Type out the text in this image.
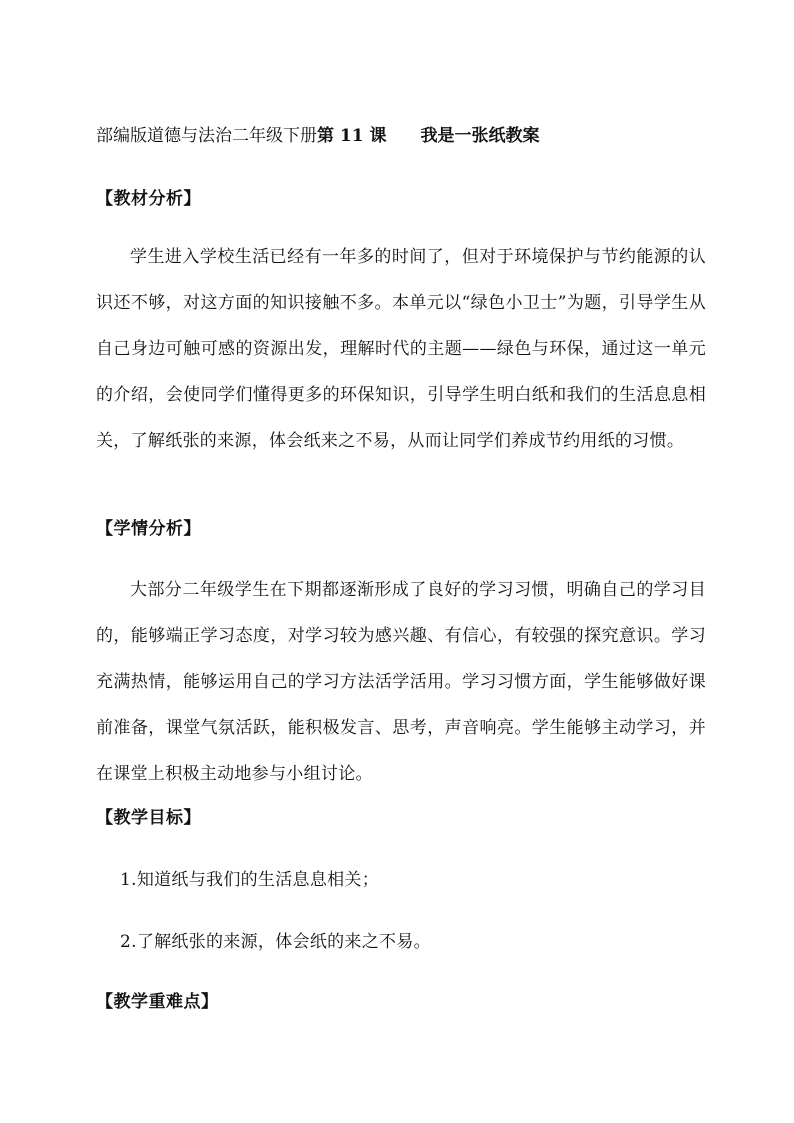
部编版道德与法治二年级下册第 11 课 我是一张纸教案
【教材分析】
学生进入学校生活已经有一年多的时间了，但对于环境保护与节约能源的认识还不够，对这方面的知识接触不多。本单元以“绿色小卫士”为题，引导学生从自己身边可触可感的资源出发，理解时代的主题——绿色与环保，通过这一单元的介绍，会使同学们懂得更多的环保知识，引导学生明白纸和我们的生活息息相关，了解纸张的来源，体会纸来之不易，从而让同学们养成节约用纸的习惯。
【学情分析】
大部分二年级学生在下期都逐渐形成了良好的学习习惯，明确自己的学习目的，能够端正学习态度，对学习较为感兴趣、有信心，有较强的探究意识。学习充满热情，能够运用自己的学习方法活学活用。学习习惯方面，学生能够做好课前准备，课堂气氛活跃，能积极发言、思考，声音响亮。学生能够主动学习，并在课堂上积极主动地参与小组讨论。
【教学目标】
1.知道纸与我们的生活息息相关；
2.了解纸张的来源，体会纸的来之不易。
【教学重难点】
